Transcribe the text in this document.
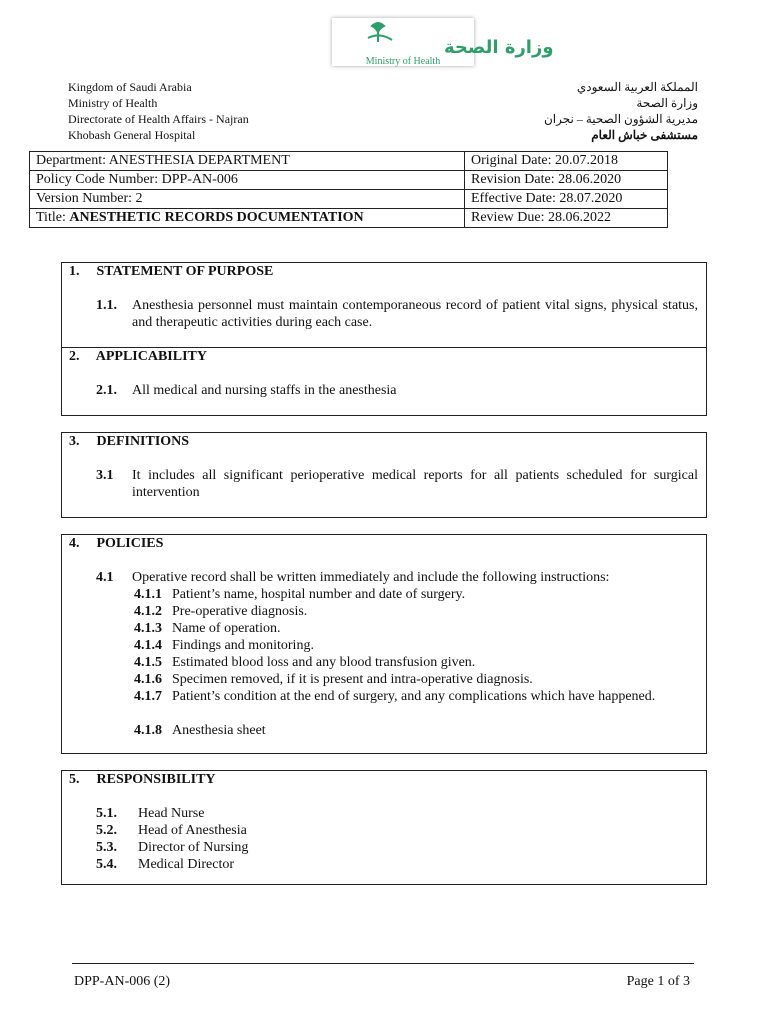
وزارة الصحة
Ministry of Health
Kingdom of Saudi Arabia
Ministry of Health
Directorate of Health Affairs - Najran
Khobash General Hospital
المملكة العربية السعودي
وزارة الصحة
مديرية الشؤون الصحية – نجران
مستشفى خباش العام
Department: ANESTHESIA DEPARTMENT	Original Date: 20.07.2018
Policy Code Number: DPP-AN-006	Revision Date: 28.06.2020
Version Number: 2	Effective Date: 28.07.2020
Title: ANESTHETIC RECORDS DOCUMENTATION	Review Due: 28.06.2022
1. STATEMENT OF PURPOSE
1.1. Anesthesia personnel must maintain contemporaneous record of patient vital signs, physical status, and therapeutic activities during each case.
2. APPLICABILITY
2.1. All medical and nursing staffs in the anesthesia
3. DEFINITIONS
3.1 It includes all significant perioperative medical reports for all patients scheduled for surgical intervention
4. POLICIES
4.1 Operative record shall be written immediately and include the following instructions:
4.1.1 Patient’s name, hospital number and date of surgery.
4.1.2 Pre-operative diagnosis.
4.1.3 Name of operation.
4.1.4 Findings and monitoring.
4.1.5 Estimated blood loss and any blood transfusion given.
4.1.6 Specimen removed, if it is present and intra-operative diagnosis.
4.1.7 Patient’s condition at the end of surgery, and any complications which have happened.
4.1.8 Anesthesia sheet
5. RESPONSIBILITY
5.1. Head Nurse
5.2. Head of Anesthesia
5.3. Director of Nursing
5.4. Medical Director
DPP-AN-006 (2)	Page 1 of 3
